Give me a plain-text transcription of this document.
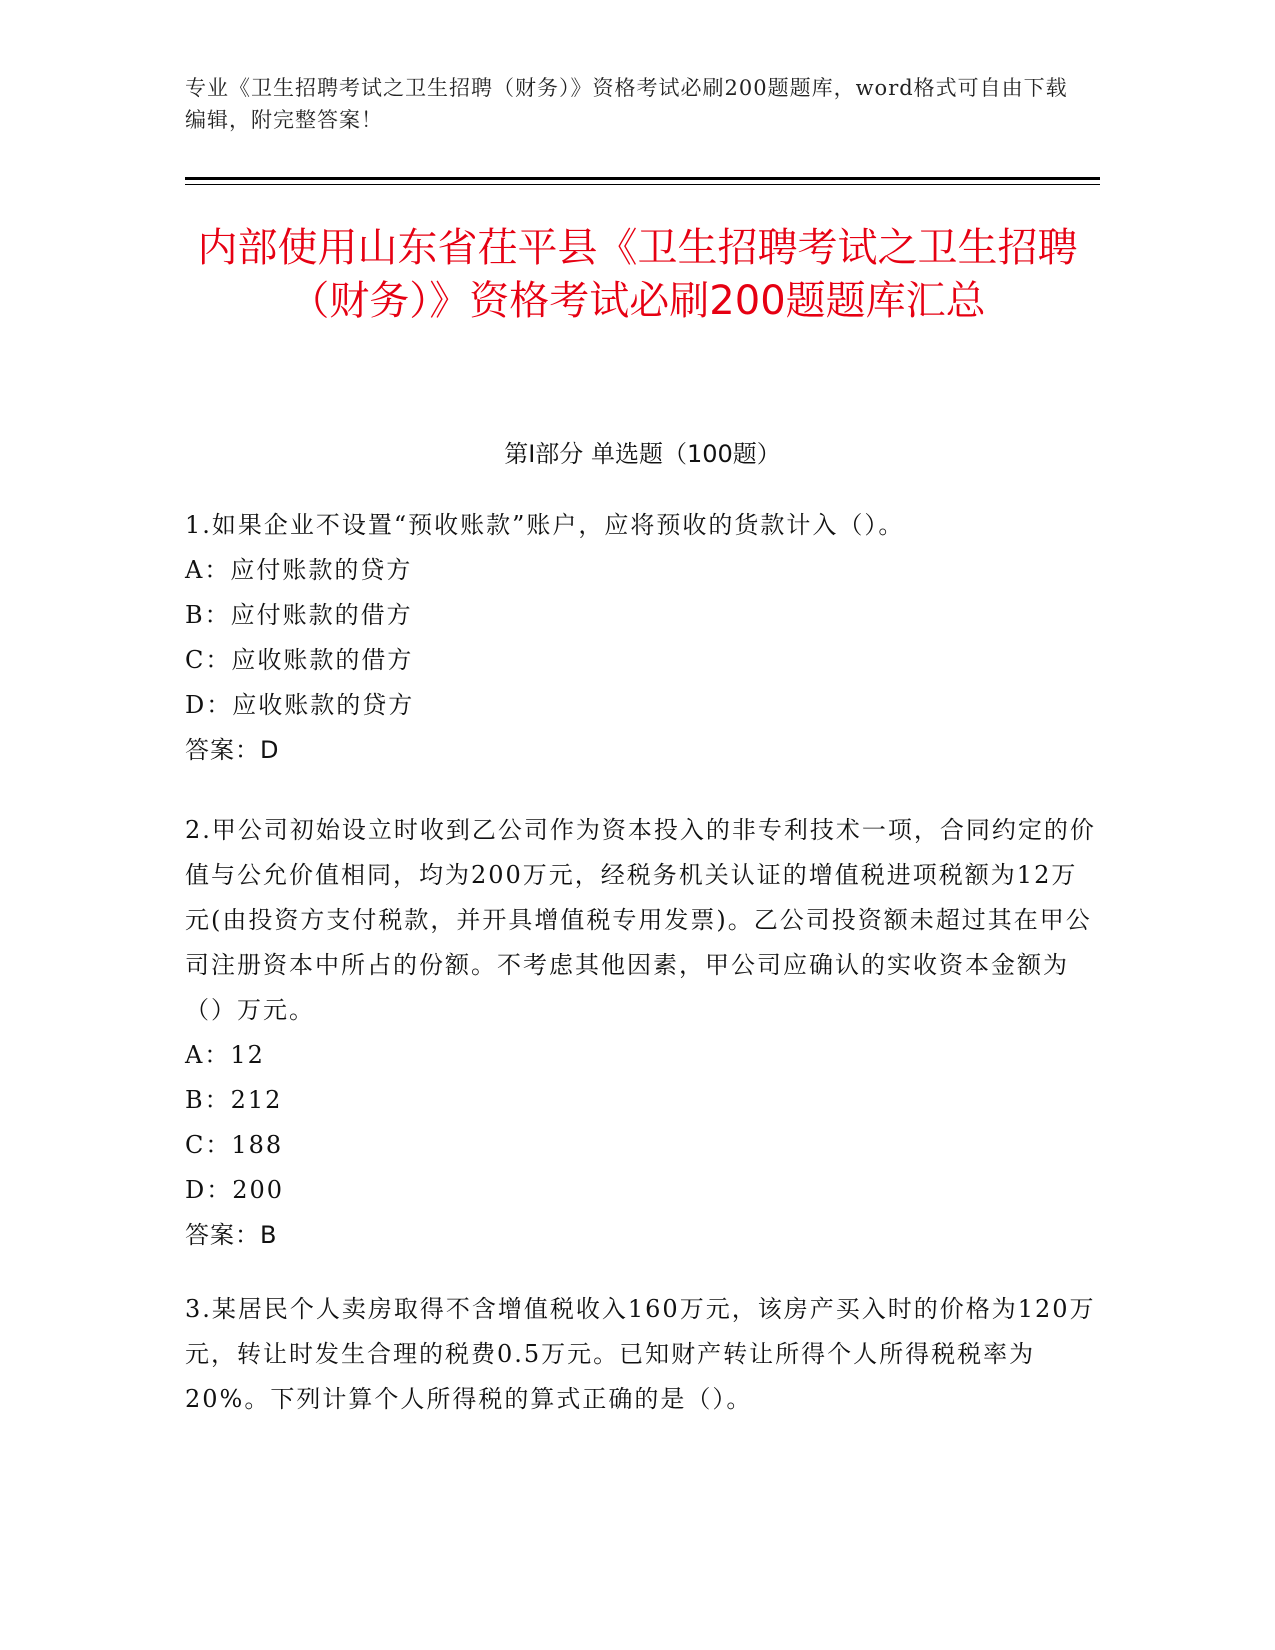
专业《卫生招聘考试之卫生招聘（财务）》资格考试必刷200题题库，word格式可自由下载编辑，附完整答案！
内部使用山东省茌平县《卫生招聘考试之卫生招聘（财务）》资格考试必刷200题题库汇总
第Ⅰ部分 单选题（100题）

1.如果企业不设置“预收账款”账户，应将预收的货款计入（）。

A：应付账款的贷方

B：应付账款的借方

C：应收账款的借方

D：应收账款的贷方

答案：D

2.甲公司初始设立时收到乙公司作为资本投入的非专利技术一项，合同约定的价值与公允价值相同，均为200万元，经税务机关认证的增值税进项税额为12万元(由投资方支付税款，并开具增值税专用发票)。乙公司投资额未超过其在甲公司注册资本中所占的份额。不考虑其他因素，甲公司应确认的实收资本金额为（）万元。

A：12

B：212

C：188

D：200

答案：B

3.某居民个人卖房取得不含增值税收入160万元，该房产买入时的价格为120万元，转让时发生合理的税费0.5万元。已知财产转让所得个人所得税税率为20%。下列计算个人所得税的算式正确的是（）。
